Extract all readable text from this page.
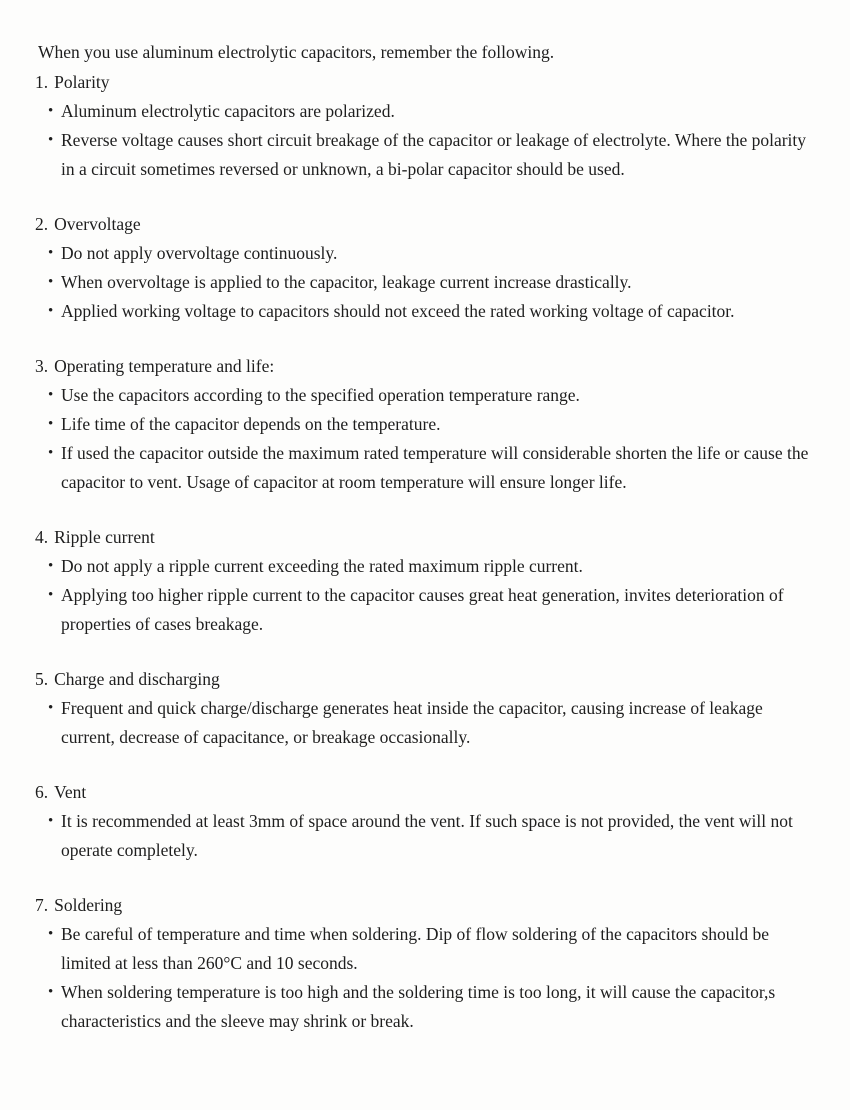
When you use aluminum electrolytic capacitors, remember the following.

1. Polarity

• Aluminum electrolytic capacitors are polarized.
• Reverse voltage causes short circuit breakage of the capacitor or leakage of electrolyte. Where the polarity in a circuit sometimes reversed or unknown, a bi-polar capacitor should be used.

2. Overvoltage

• Do not apply overvoltage continuously.
• When overvoltage is applied to the capacitor, leakage current increase drastically.
• Applied working voltage to capacitors should not exceed the rated working voltage of capacitor.

3. Operating temperature and life:

• Use the capacitors according to the specified operation temperature range.
• Life time of the capacitor depends on the temperature.
• If used the capacitor outside the maximum rated temperature will considerable shorten the life or cause the capacitor to vent. Usage of capacitor at room temperature will ensure longer life.

4. Ripple current

• Do not apply a ripple current exceeding the rated maximum ripple current.
• Applying too higher ripple current to the capacitor causes great heat generation, invites deterioration of properties of cases breakage.

5. Charge and discharging

• Frequent and quick charge/discharge generates heat inside the capacitor, causing increase of leakage current, decrease of capacitance, or breakage occasionally.

6. Vent

• It is recommended at least 3mm of space around the vent. If such space is not provided, the vent will not operate completely.

7. Soldering

• Be careful of temperature and time when soldering. Dip of flow soldering of the capacitors should be limited at less than 260°C and 10 seconds.
• When soldering temperature is too high and the soldering time is too long, it will cause the capacitor,s characteristics and the sleeve may shrink or break.
